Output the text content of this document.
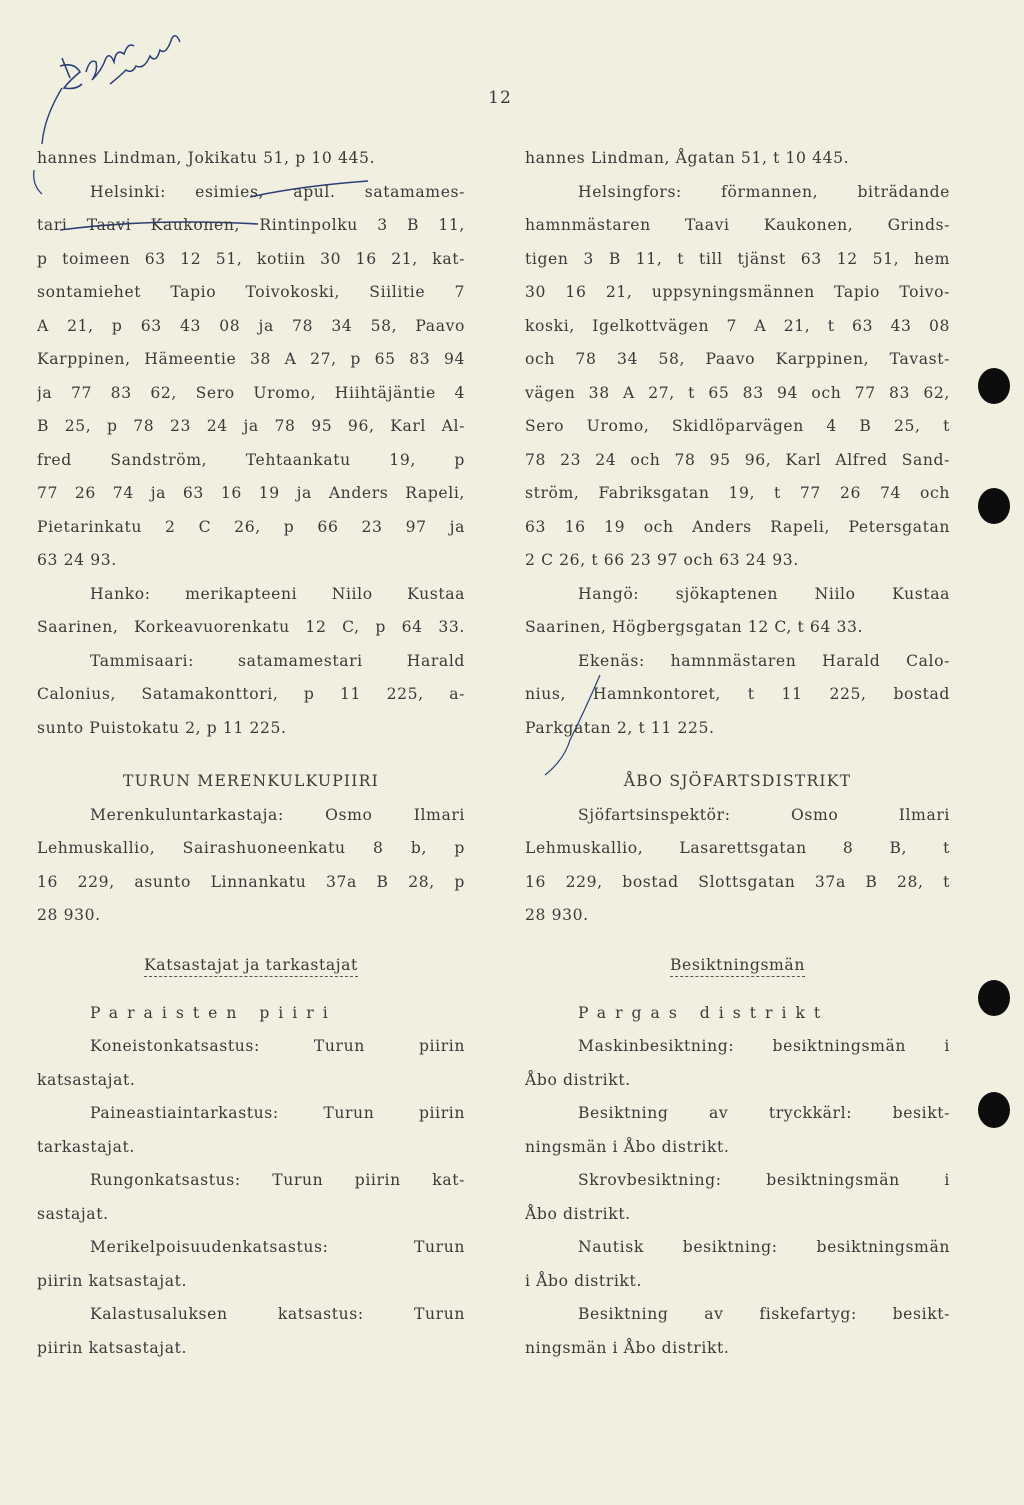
12
hannes Lindman, Jokikatu 51, p 10 445.
Helsinki: esimies, apul. satamames-
tari Taavi Kaukonen, Rintinpolku 3 B 11,
p toimeen 63 12 51, kotiin 30 16 21, kat-
sontamiehet Tapio Toivokoski, Siilitie 7
A 21, p 63 43 08 ja 78 34 58, Paavo
Karppinen, Hämeentie 38 A 27, p 65 83 94
ja 77 83 62, Sero Uromo, Hiihtäjäntie 4
B 25, p 78 23 24 ja 78 95 96, Karl Al-
fred Sandström, Tehtaankatu 19, p
77 26 74 ja 63 16 19 ja Anders Rapeli,
Pietarinkatu 2 C 26, p 66 23 97 ja
63 24 93.
Hanko: merikapteeni Niilo Kustaa
Saarinen, Korkeavuorenkatu 12 C, p 64 33.
Tammisaari: satamamestari Harald
Calonius, Satamakonttori, p 11 225, a-
sunto Puistokatu 2, p 11 225.
TURUN MERENKULKUPIIRI
Merenkuluntarkastaja: Osmo Ilmari
Lehmuskallio, Sairashuoneenkatu 8 b, p
16 229, asunto Linnankatu 37a B 28, p
28 930.
Katsastajat ja tarkastajat
Paraisten piiri
Koneistonkatsastus: Turun piirin
katsastajat.
Paineastiaintarkastus: Turun piirin
tarkastajat.
Rungonkatsastus: Turun piirin kat-
sastajat.
Merikelpoisuudenkatsastus: Turun
piirin katsastajat.
Kalastusaluksen katsastus: Turun
piirin katsastajat.
hannes Lindman, Ågatan 51, t 10 445.
Helsingfors: förmannen, biträdande
hamnmästaren Taavi Kaukonen, Grinds-
tigen 3 B 11, t till tjänst 63 12 51, hem
30 16 21, uppsyningsmännen Tapio Toivo-
koski, Igelkottvägen 7 A 21, t 63 43 08
och 78 34 58, Paavo Karppinen, Tavast-
vägen 38 A 27, t 65 83 94 och 77 83 62,
Sero Uromo, Skidlöparvägen 4 B 25, t
78 23 24 och 78 95 96, Karl Alfred Sand-
ström, Fabriksgatan 19, t 77 26 74 och
63 16 19 och Anders Rapeli, Petersgatan
2 C 26, t 66 23 97 och 63 24 93.
Hangö: sjökaptenen Niilo Kustaa
Saarinen, Högbergsgatan 12 C, t 64 33.
Ekenäs: hamnmästaren Harald Calo-
nius, Hamnkontoret, t 11 225, bostad
Parkgatan 2, t 11 225.
ÅBO SJÖFARTSDISTRIKT
Sjöfartsinspektör: Osmo Ilmari
Lehmuskallio, Lasarettsgatan 8 B, t
16 229, bostad Slottsgatan 37a B 28, t
28 930.
Besiktningsmän
Pargas distrikt
Maskinbesiktning: besiktningsmän i
Åbo distrikt.
Besiktning av tryckkärl: besikt-
ningsmän i Åbo distrikt.
Skrovbesiktning: besiktningsmän i
Åbo distrikt.
Nautisk besiktning: besiktningsmän
i Åbo distrikt.
Besiktning av fiskefartyg: besikt-
ningsmän i Åbo distrikt.
